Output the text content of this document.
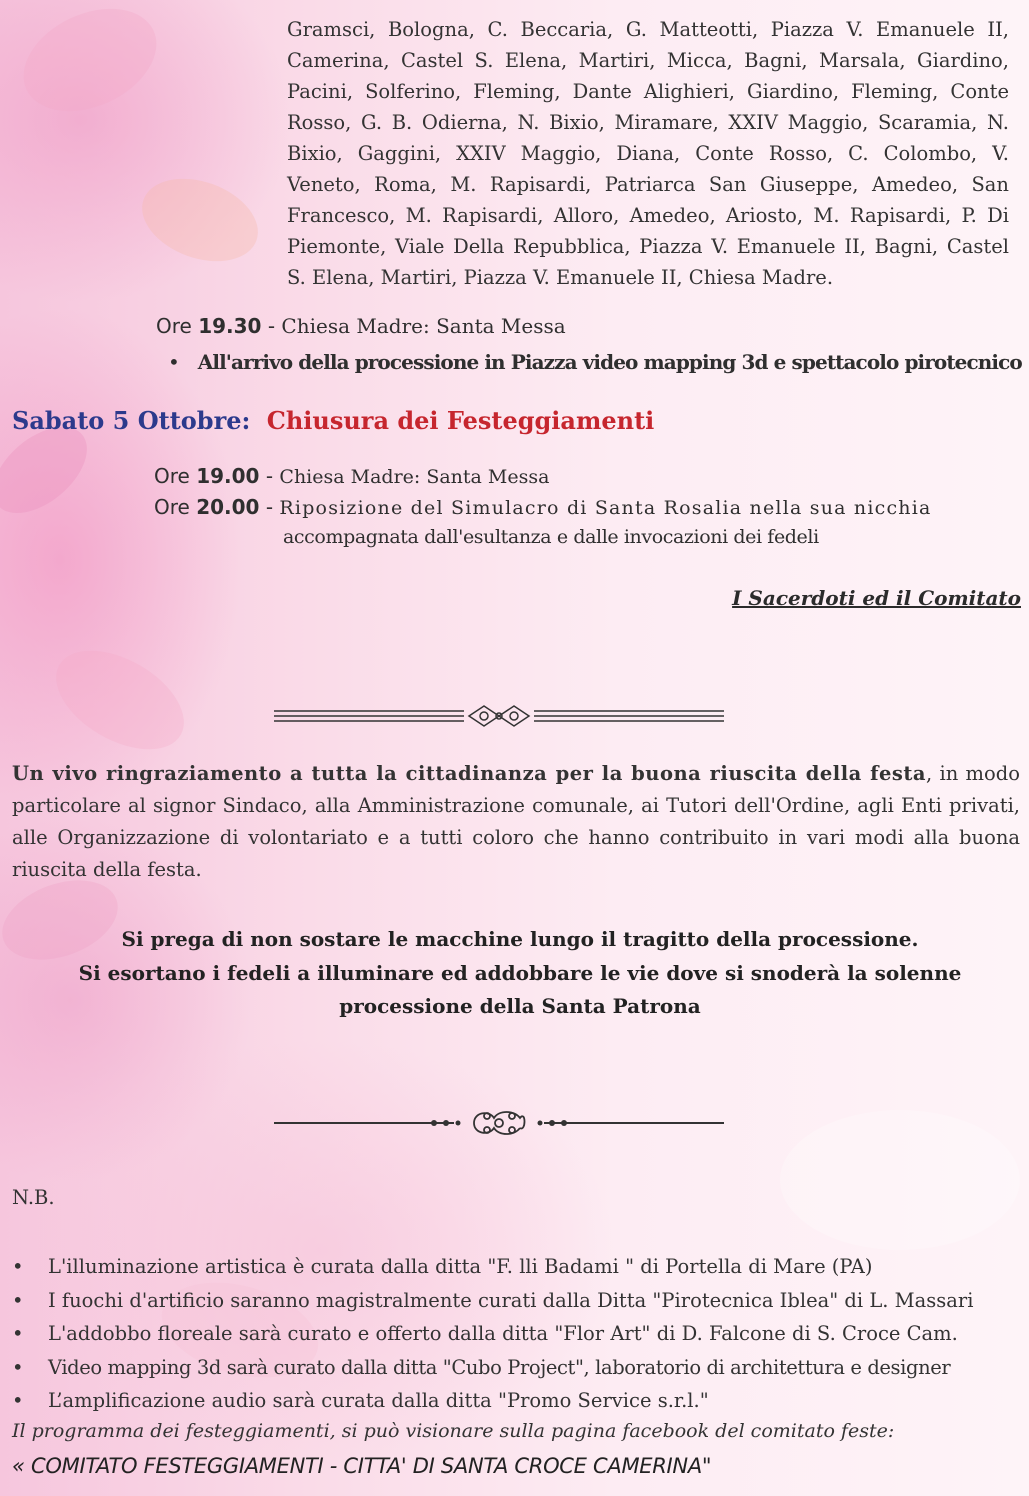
Gramsci, Bologna, C. Beccaria, G. Matteotti, Piazza V. Emanuele II, Camerina, Castel S. Elena, Martiri, Micca, Bagni, Marsala, Giardino, Pacini, Solferino, Fleming, Dante Alighieri, Giardino, Fleming, Conte Rosso, G. B. Odierna, N. Bixio, Miramare, XXIV Maggio, Scaramia, N. Bixio, Gaggini, XXIV Maggio, Diana, Conte Rosso, C. Colombo, V. Veneto, Roma, M. Rapisardi, Patriarca San Giuseppe, Amedeo, San Francesco, M. Rapisardi, Alloro, Amedeo, Ariosto, M. Rapisardi, P. Di Piemonte, Viale Della Repubblica, Piazza V. Emanuele II, Bagni, Castel S. Elena, Martiri, Piazza V. Emanuele II, Chiesa Madre.
Ore 19.30 - Chiesa Madre: Santa Messa
• All'arrivo della processione in Piazza video mapping 3d e spettacolo pirotecnico
Sabato 5 Ottobre: Chiusura dei Festeggiamenti
Ore 19.00 - Chiesa Madre: Santa Messa
Ore 20.00 - Riposizione del Simulacro di Santa Rosalia nella sua nicchia
accompagnata dall'esultanza e dalle invocazioni dei fedeli
I Sacerdoti ed il Comitato
Un vivo ringraziamento a tutta la cittadinanza per la buona riuscita della festa, in modo particolare al signor Sindaco, alla Amministrazione comunale, ai Tutori dell'Ordine, agli Enti privati, alle Organizzazione di volontariato e a tutti coloro che hanno contribuito in vari modi alla buona riuscita della festa.
Si prega di non sostare le macchine lungo il tragitto della processione.
Si esortano i fedeli a illuminare ed addobbare le vie dove si snoderà la solenne
processione della Santa Patrona
N.B.
• L'illuminazione artistica è curata dalla ditta "F. lli Badami " di Portella di Mare (PA)
• I fuochi d'artificio saranno magistralmente curati dalla Ditta "Pirotecnica Iblea" di L. Massari
• L'addobbo floreale sarà curato e offerto dalla ditta "Flor Art" di D. Falcone di S. Croce Cam.
• Video mapping 3d sarà curato dalla ditta "Cubo Project", laboratorio di architettura e designer
• L’amplificazione audio sarà curata dalla ditta "Promo Service s.r.l."
Il programma dei festeggiamenti, si può visionare sulla pagina facebook del comitato feste:
« COMITATO FESTEGGIAMENTI - CITTA' DI SANTA CROCE CAMERINA"
